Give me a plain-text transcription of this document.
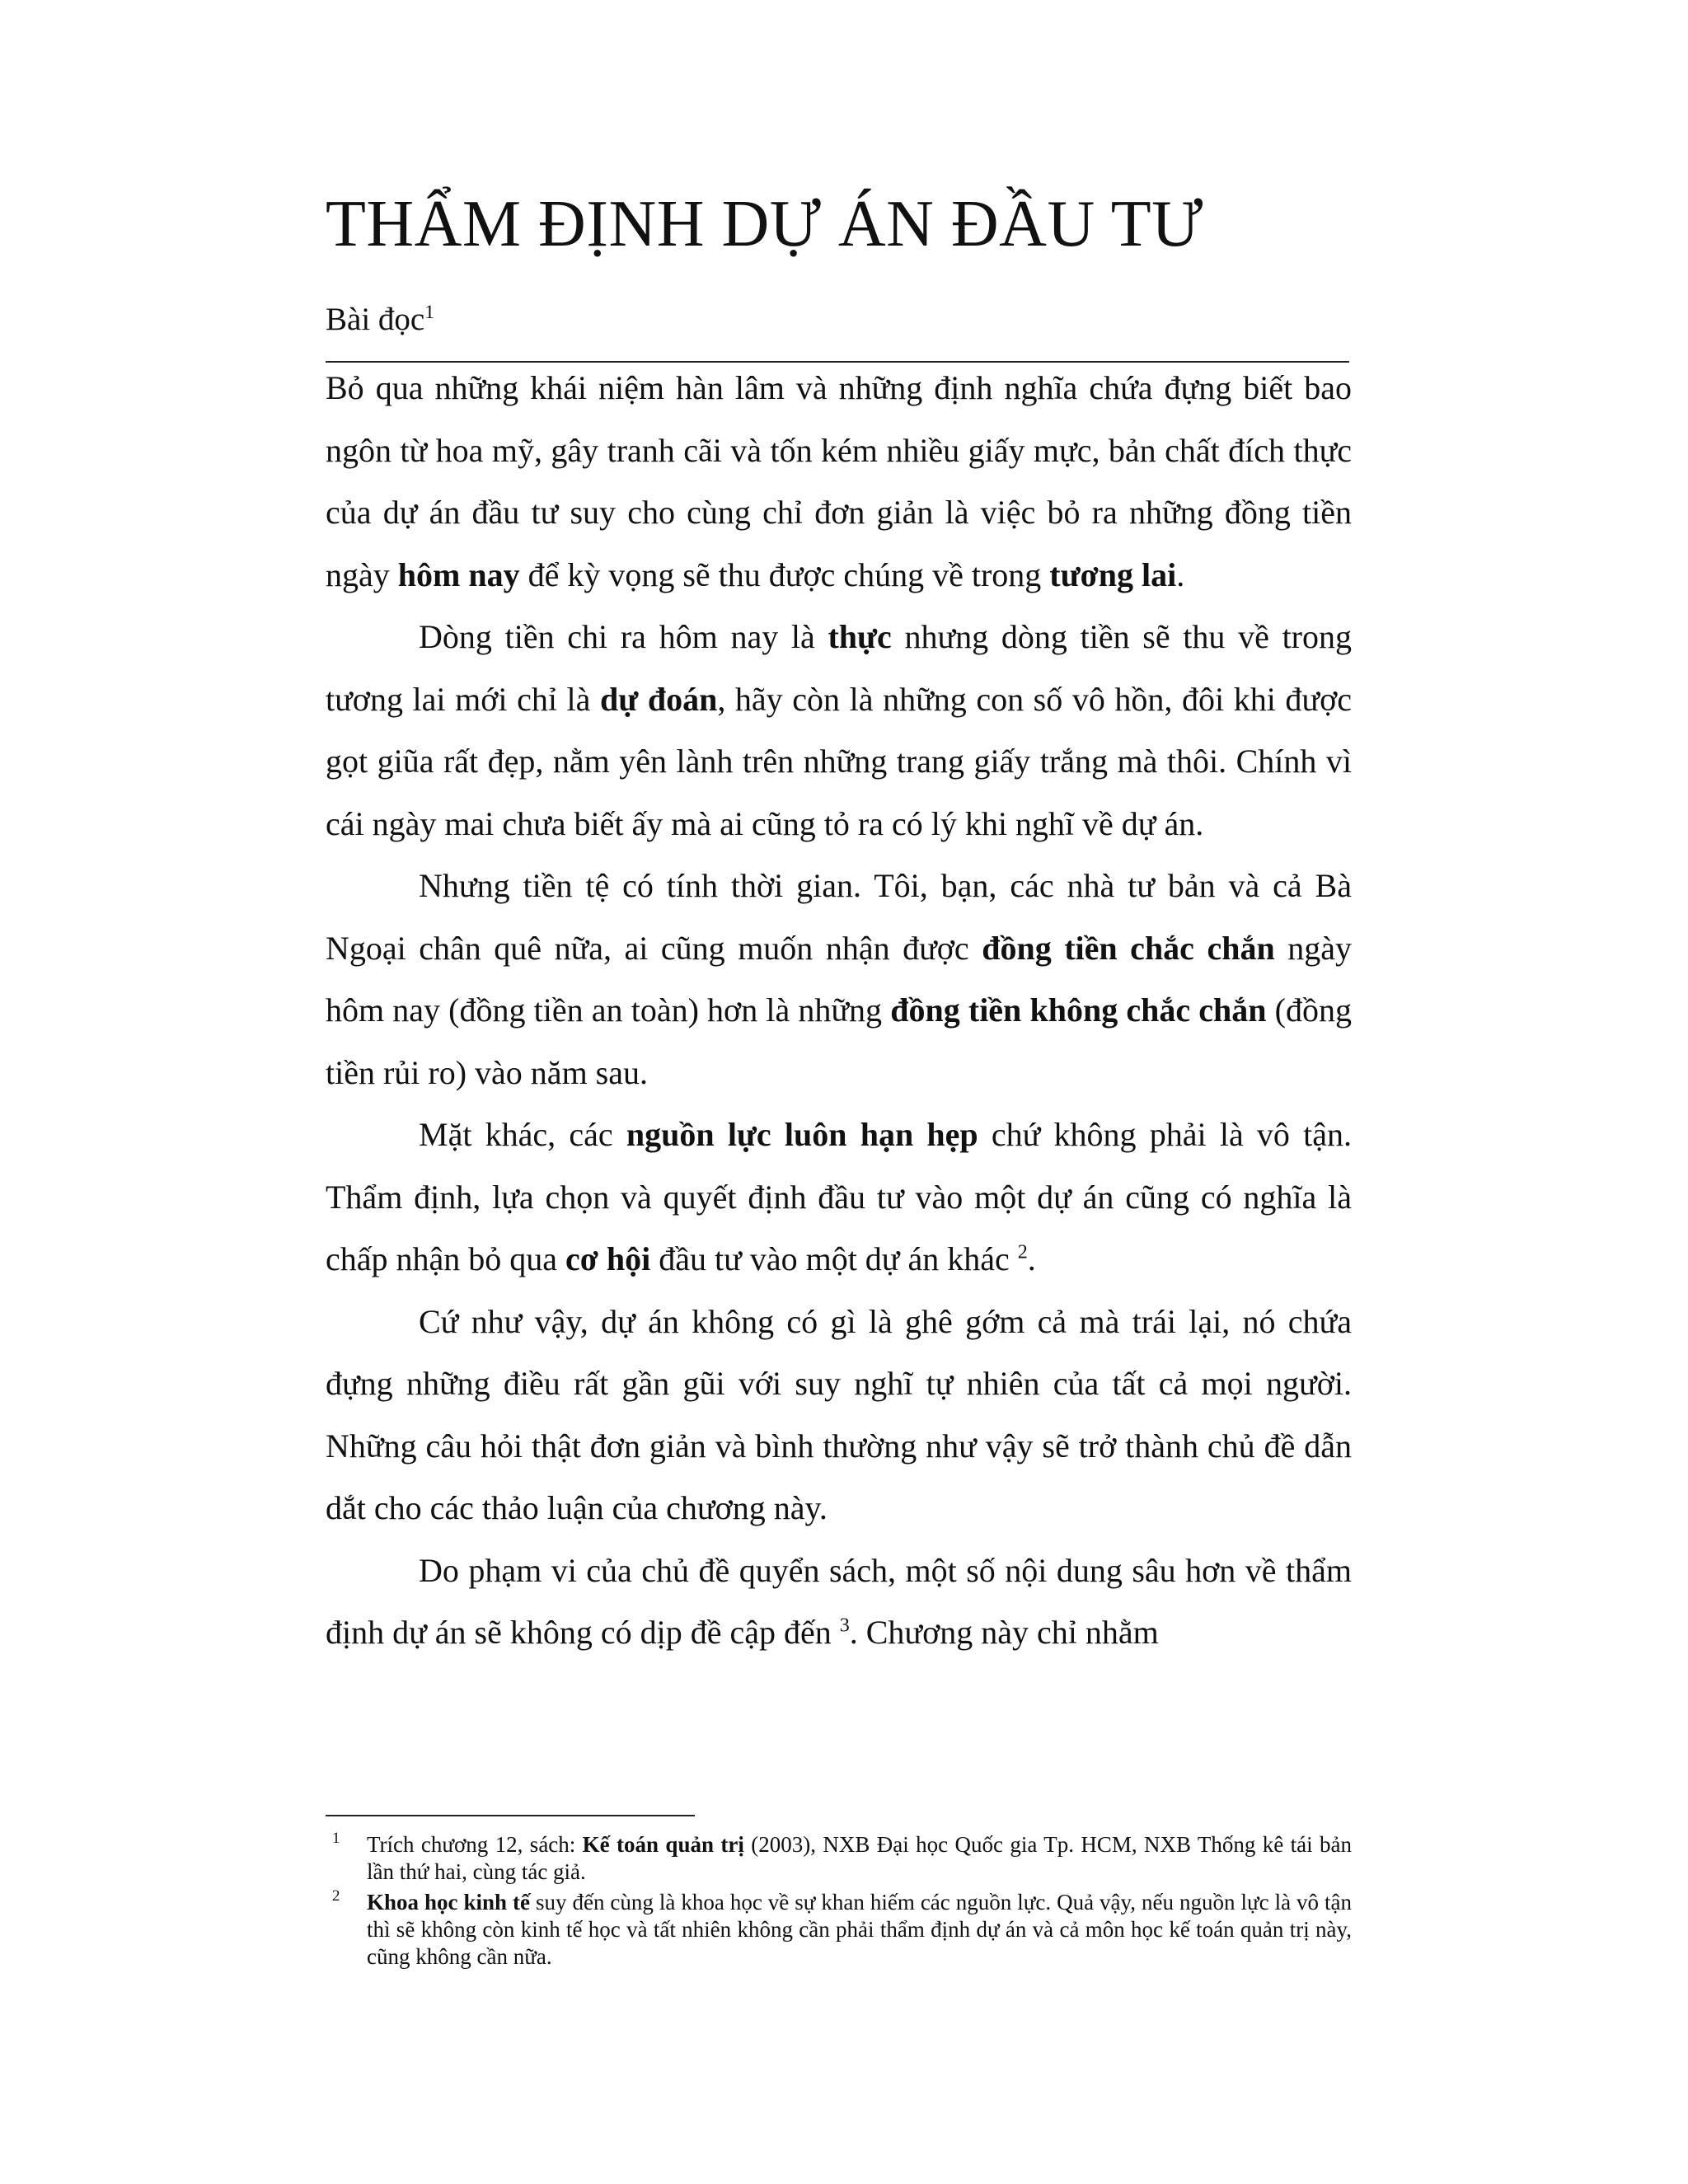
THẨM ĐỊNH DỰ ÁN ĐẦU TƯ
Bài đọc$^1$

Bỏ qua những khái niệm hàn lâm và những định nghĩa chứa đựng biết bao ngôn từ hoa mỹ, gây tranh cãi và tốn kém nhiều giấy mực, bản chất đích thực của dự án đầu tư suy cho cùng chỉ đơn giản là việc bỏ ra những đồng tiền ngày hôm nay để kỳ vọng sẽ thu được chúng về trong tương lai.

Dòng tiền chi ra hôm nay là thực nhưng dòng tiền sẽ thu về trong tương lai mới chỉ là dự đoán, hãy còn là những con số vô hồn, đôi khi được gọt giũa rất đẹp, nằm yên lành trên những trang giấy trắng mà thôi. Chính vì cái ngày mai chưa biết ấy mà ai cũng tỏ ra có lý khi nghĩ về dự án.

Nhưng tiền tệ có tính thời gian. Tôi, bạn, các nhà tư bản và cả Bà Ngoại chân quê nữa, ai cũng muốn nhận được đồng tiền chắc chắn ngày hôm nay (đồng tiền an toàn) hơn là những đồng tiền không chắc chắn (đồng tiền rủi ro) vào năm sau.

Mặt khác, các nguồn lực luôn hạn hẹp chứ không phải là vô tận. Thẩm định, lựa chọn và quyết định đầu tư vào một dự án cũng có nghĩa là chấp nhận bỏ qua cơ hội đầu tư vào một dự án khác $^2$.

Cứ như vậy, dự án không có gì là ghê gớm cả mà trái lại, nó chứa đựng những điều rất gần gũi với suy nghĩ tự nhiên của tất cả mọi người. Những câu hỏi thật đơn giản và bình thường như vậy sẽ trở thành chủ đề dẫn dắt cho các thảo luận của chương này.

Do phạm vi của chủ đề quyển sách, một số nội dung sâu hơn về thẩm định dự án sẽ không có dịp đề cập đến $^3$. Chương này chỉ nhằm

1 Trích chương 12, sách: Kế toán quản trị (2003), NXB Đại học Quốc gia Tp. HCM, NXB Thống kê tái bản lần thứ hai, cùng tác giả.
2 Khoa học kinh tế suy đến cùng là khoa học về sự khan hiếm các nguồn lực. Quả vậy, nếu nguồn lực là vô tận thì sẽ không còn kinh tế học và tất nhiên không cần phải thẩm định dự án và cả môn học kế toán quản trị này, cũng không cần nữa.
